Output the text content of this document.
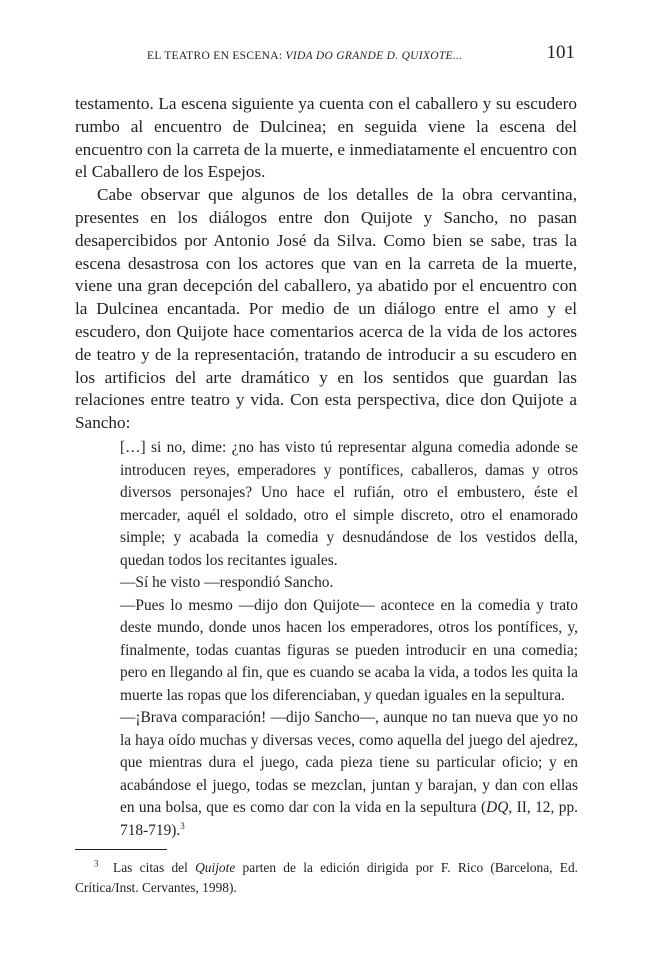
EL TEATRO EN ESCENA: VIDA DO GRANDE D. QUIXOTE...	101

testamento. La escena siguiente ya cuenta con el caballero y su escudero rumbo al encuentro de Dulcinea; en seguida viene la escena del encuentro con la carreta de la muerte, e inmediatamente el encuentro con el Caballero de los Espejos.

Cabe observar que algunos de los detalles de la obra cervantina, presentes en los diálogos entre don Quijote y Sancho, no pasan desapercibidos por Antonio José da Silva. Como bien se sabe, tras la escena desastrosa con los actores que van en la carreta de la muerte, viene una gran decepción del caballero, ya abatido por el encuentro con la Dulcinea encantada. Por medio de un diálogo entre el amo y el escudero, don Quijote hace comentarios acerca de la vida de los actores de teatro y de la representación, tratando de introducir a su escudero en los artificios del arte dramático y en los sentidos que guardan las relaciones entre teatro y vida. Con esta perspectiva, dice don Quijote a Sancho:

[…] si no, dime: ¿no has visto tú representar alguna comedia adonde se introducen reyes, emperadores y pontífices, caballeros, damas y otros diversos personajes? Uno hace el rufián, otro el embustero, éste el mercader, aquél el soldado, otro el simple discreto, otro el enamorado simple; y acabada la comedia y desnudándose de los vestidos della, quedan todos los recitantes iguales.

—Sí he visto —respondió Sancho.

—Pues lo mesmo —dijo don Quijote— acontece en la comedia y trato deste mundo, donde unos hacen los emperadores, otros los pontífices, y, finalmente, todas cuantas figuras se pueden introducir en una comedia; pero en llegando al fin, que es cuando se acaba la vida, a todos les quita la muerte las ropas que los diferenciaban, y quedan iguales en la sepultura.

—¡Brava comparación! —dijo Sancho—, aunque no tan nueva que yo no la haya oído muchas y diversas veces, como aquella del juego del ajedrez, que mientras dura el juego, cada pieza tiene su particular oficio; y en acabándose el juego, todas se mezclan, juntan y barajan, y dan con ellas en una bolsa, que es como dar con la vida en la sepultura (DQ, II, 12, pp. 718-719).$^3$

$^3$ Las citas del Quijote parten de la edición dirigida por F. Rico (Barcelona, Ed. Crítica/Inst. Cervantes, 1998).
